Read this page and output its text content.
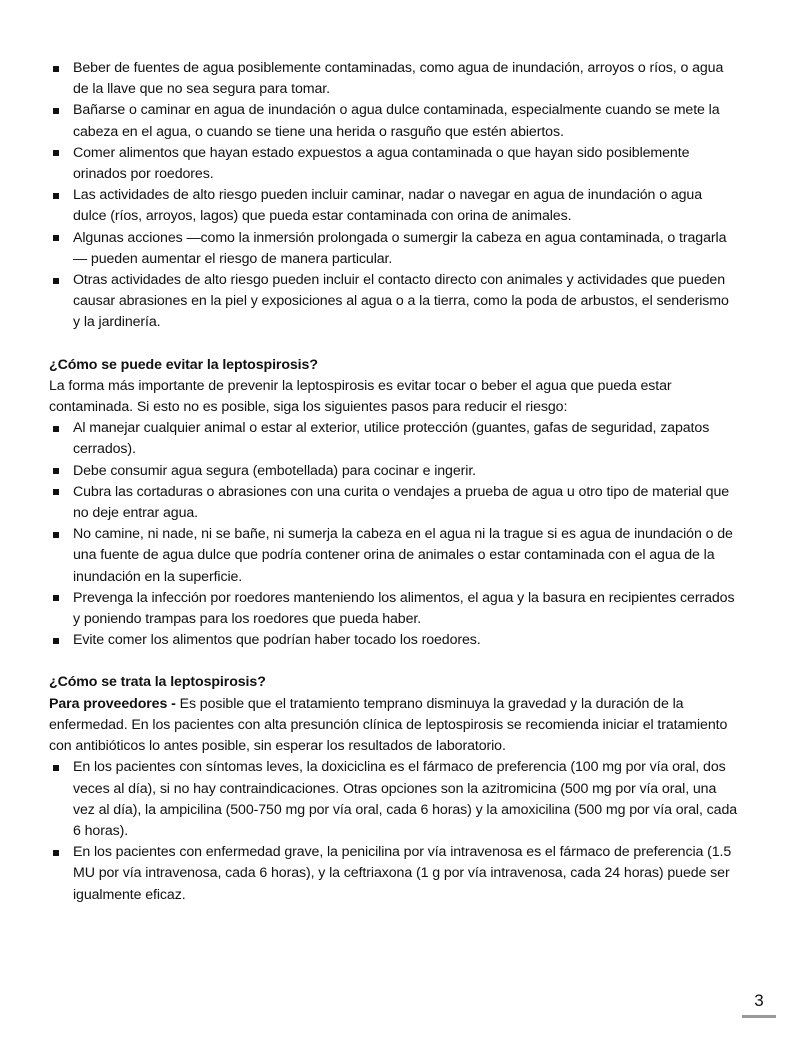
Beber de fuentes de agua posiblemente contaminadas, como agua de inundación, arroyos o ríos, o agua de la llave que no sea segura para tomar.
Bañarse o caminar en agua de inundación o agua dulce contaminada, especialmente cuando se mete la cabeza en el agua, o cuando se tiene una herida o rasguño que estén abiertos.
Comer alimentos que hayan estado expuestos a agua contaminada o que hayan sido posiblemente orinados por roedores.
Las actividades de alto riesgo pueden incluir caminar, nadar o navegar en agua de inundación o agua dulce (ríos, arroyos, lagos) que pueda estar contaminada con orina de animales.
Algunas acciones —como la inmersión prolongada o sumergir la cabeza en agua contaminada, o tragarla— pueden aumentar el riesgo de manera particular.
Otras actividades de alto riesgo pueden incluir el contacto directo con animales y actividades que pueden causar abrasiones en la piel y exposiciones al agua o a la tierra, como la poda de arbustos, el senderismo y la jardinería.
¿Cómo se puede evitar la leptospirosis?

La forma más importante de prevenir la leptospirosis es evitar tocar o beber el agua que pueda estar contaminada. Si esto no es posible, siga los siguientes pasos para reducir el riesgo:

Al manejar cualquier animal o estar al exterior, utilice protección (guantes, gafas de seguridad, zapatos cerrados).
Debe consumir agua segura (embotellada) para cocinar e ingerir.
Cubra las cortaduras o abrasiones con una curita o vendajes a prueba de agua u otro tipo de material que no deje entrar agua.
No camine, ni nade, ni se bañe, ni sumerja la cabeza en el agua ni la trague si es agua de inundación o de una fuente de agua dulce que podría contener orina de animales o estar contaminada con el agua de la inundación en la superficie.
Prevenga la infección por roedores manteniendo los alimentos, el agua y la basura en recipientes cerrados y poniendo trampas para los roedores que pueda haber.
Evite comer los alimentos que podrían haber tocado los roedores.
¿Cómo se trata la leptospirosis?

Para proveedores - Es posible que el tratamiento temprano disminuya la gravedad y la duración de la enfermedad. En los pacientes con alta presunción clínica de leptospirosis se recomienda iniciar el tratamiento con antibióticos lo antes posible, sin esperar los resultados de laboratorio.

En los pacientes con síntomas leves, la doxiciclina es el fármaco de preferencia (100 mg por vía oral, dos veces al día), si no hay contraindicaciones. Otras opciones son la azitromicina (500 mg por vía oral, una vez al día), la ampicilina (500-750 mg por vía oral, cada 6 horas) y la amoxicilina (500 mg por vía oral, cada 6 horas).
En los pacientes con enfermedad grave, la penicilina por vía intravenosa es el fármaco de preferencia (1.5 MU por vía intravenosa, cada 6 horas), y la ceftriaxona (1 g por vía intravenosa, cada 24 horas) puede ser igualmente eficaz.
3
